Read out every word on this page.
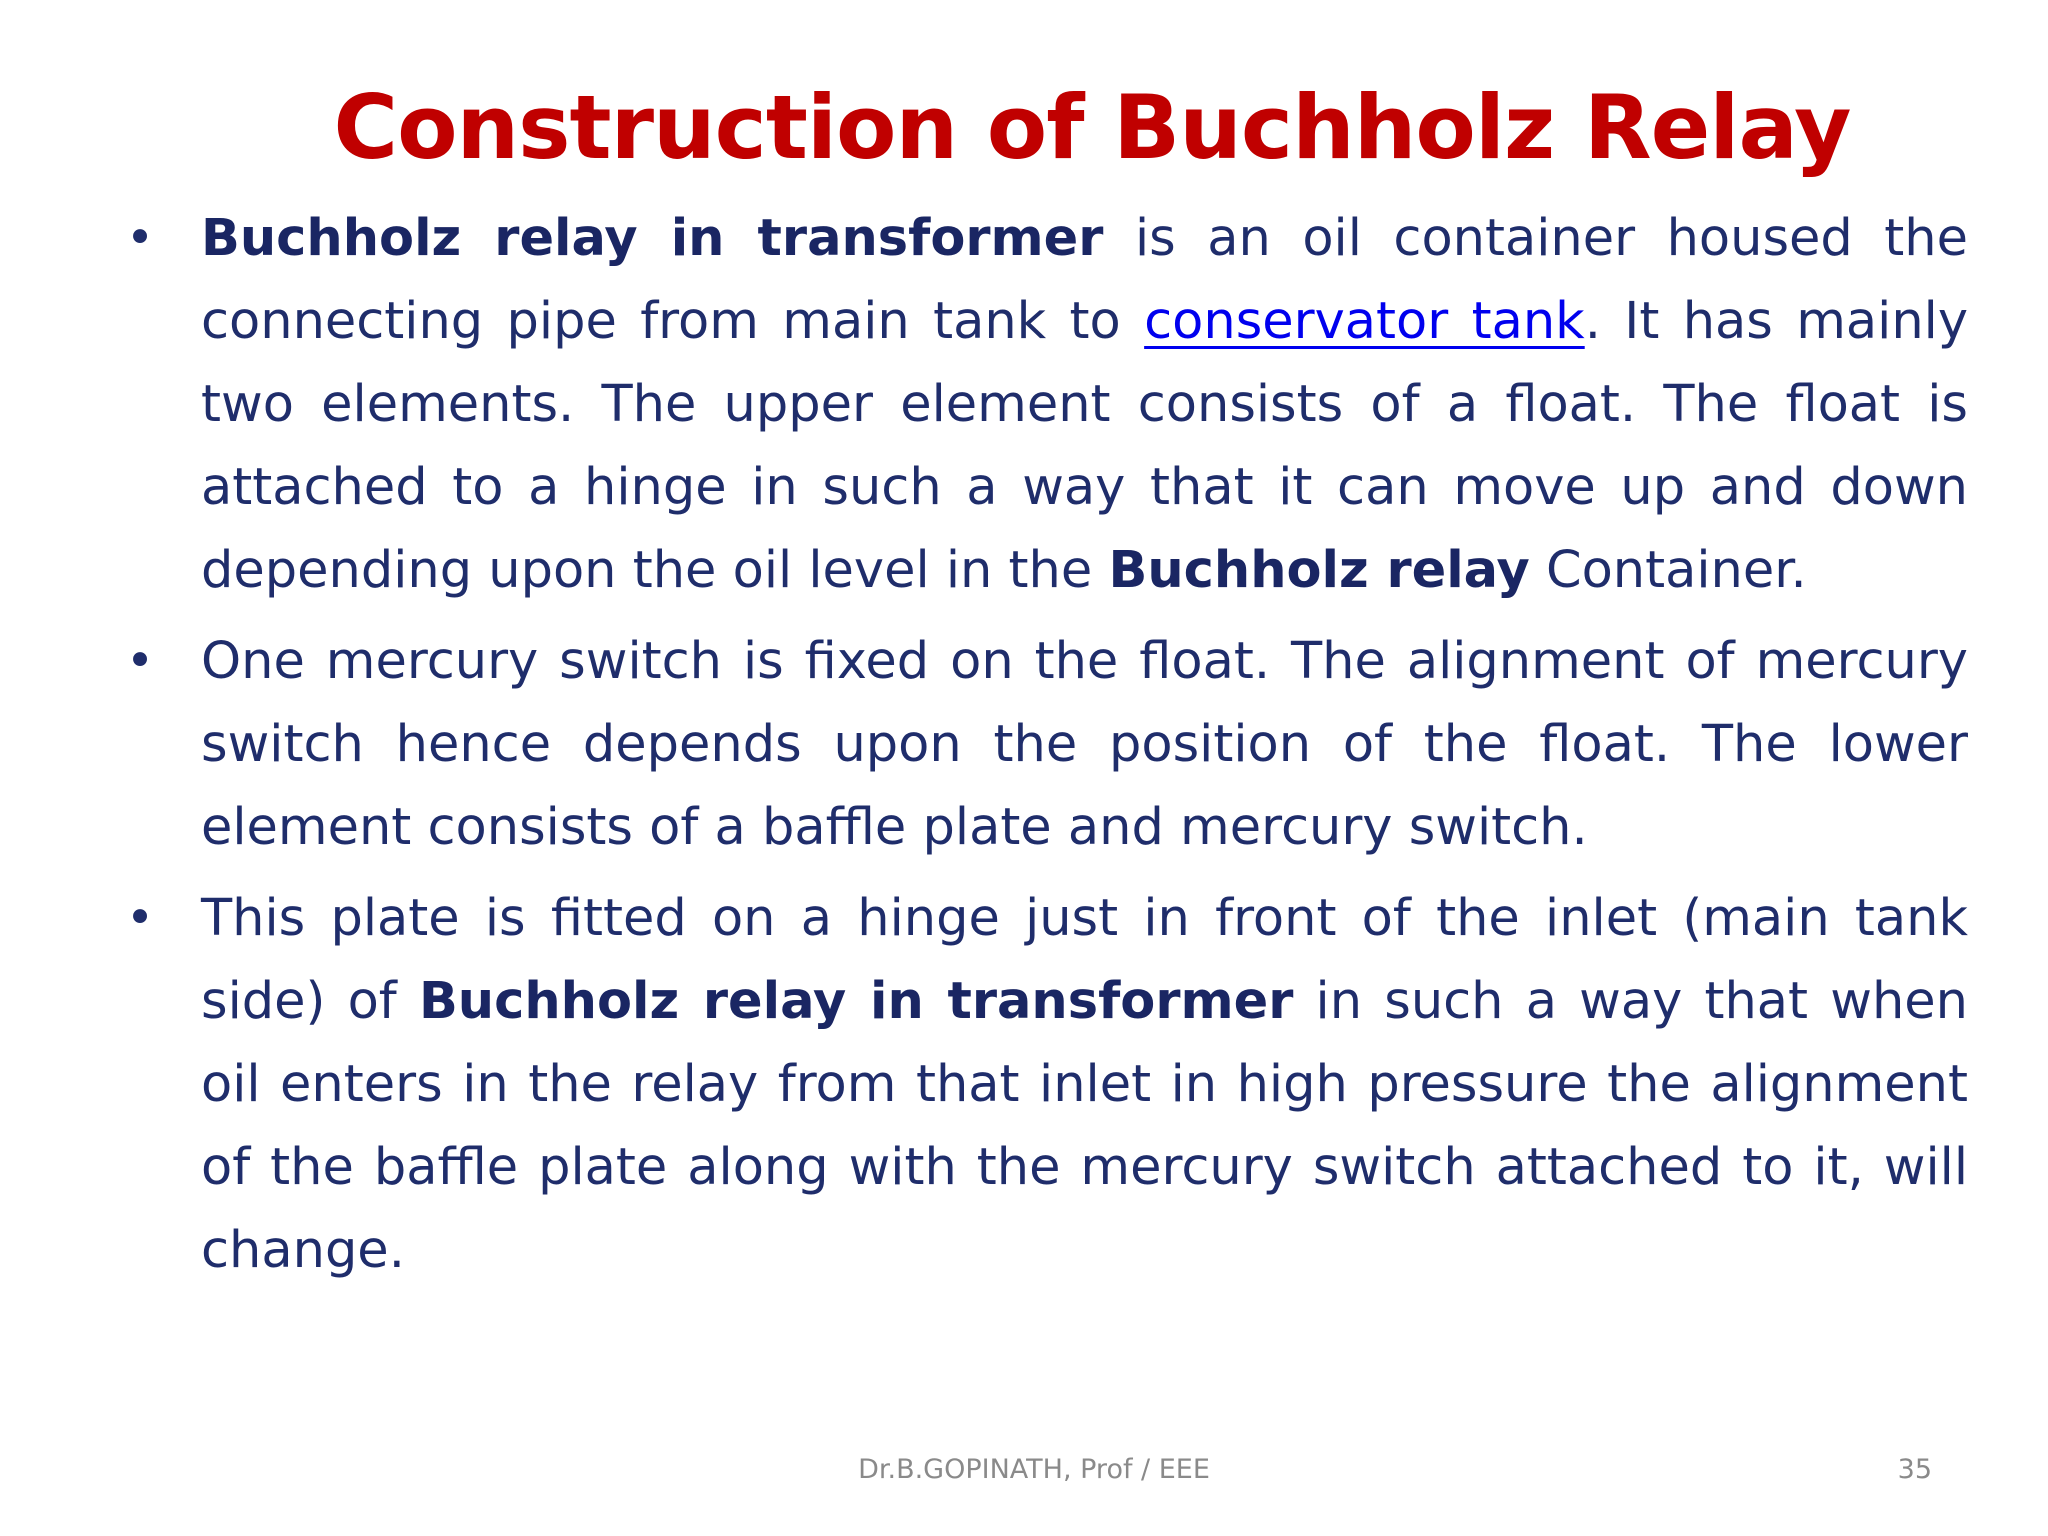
Construction of Buchholz Relay
• Buchholz relay in transformer is an oil container housed the connecting pipe from main tank to conservator tank. It has mainly two elements. The upper element consists of a float. The float is attached to a hinge in such a way that it can move up and down depending upon the oil level in the Buchholz relay Container.
• One mercury switch is fixed on the float. The alignment of mercury switch hence depends upon the position of the float. The lower element consists of a baffle plate and mercury switch.
• This plate is fitted on a hinge just in front of the inlet (main tank side) of Buchholz relay in transformer in such a way that when oil enters in the relay from that inlet in high pressure the alignment of the baffle plate along with the mercury switch attached to it, will change.
Dr.B.GOPINATH, Prof / EEE	35
